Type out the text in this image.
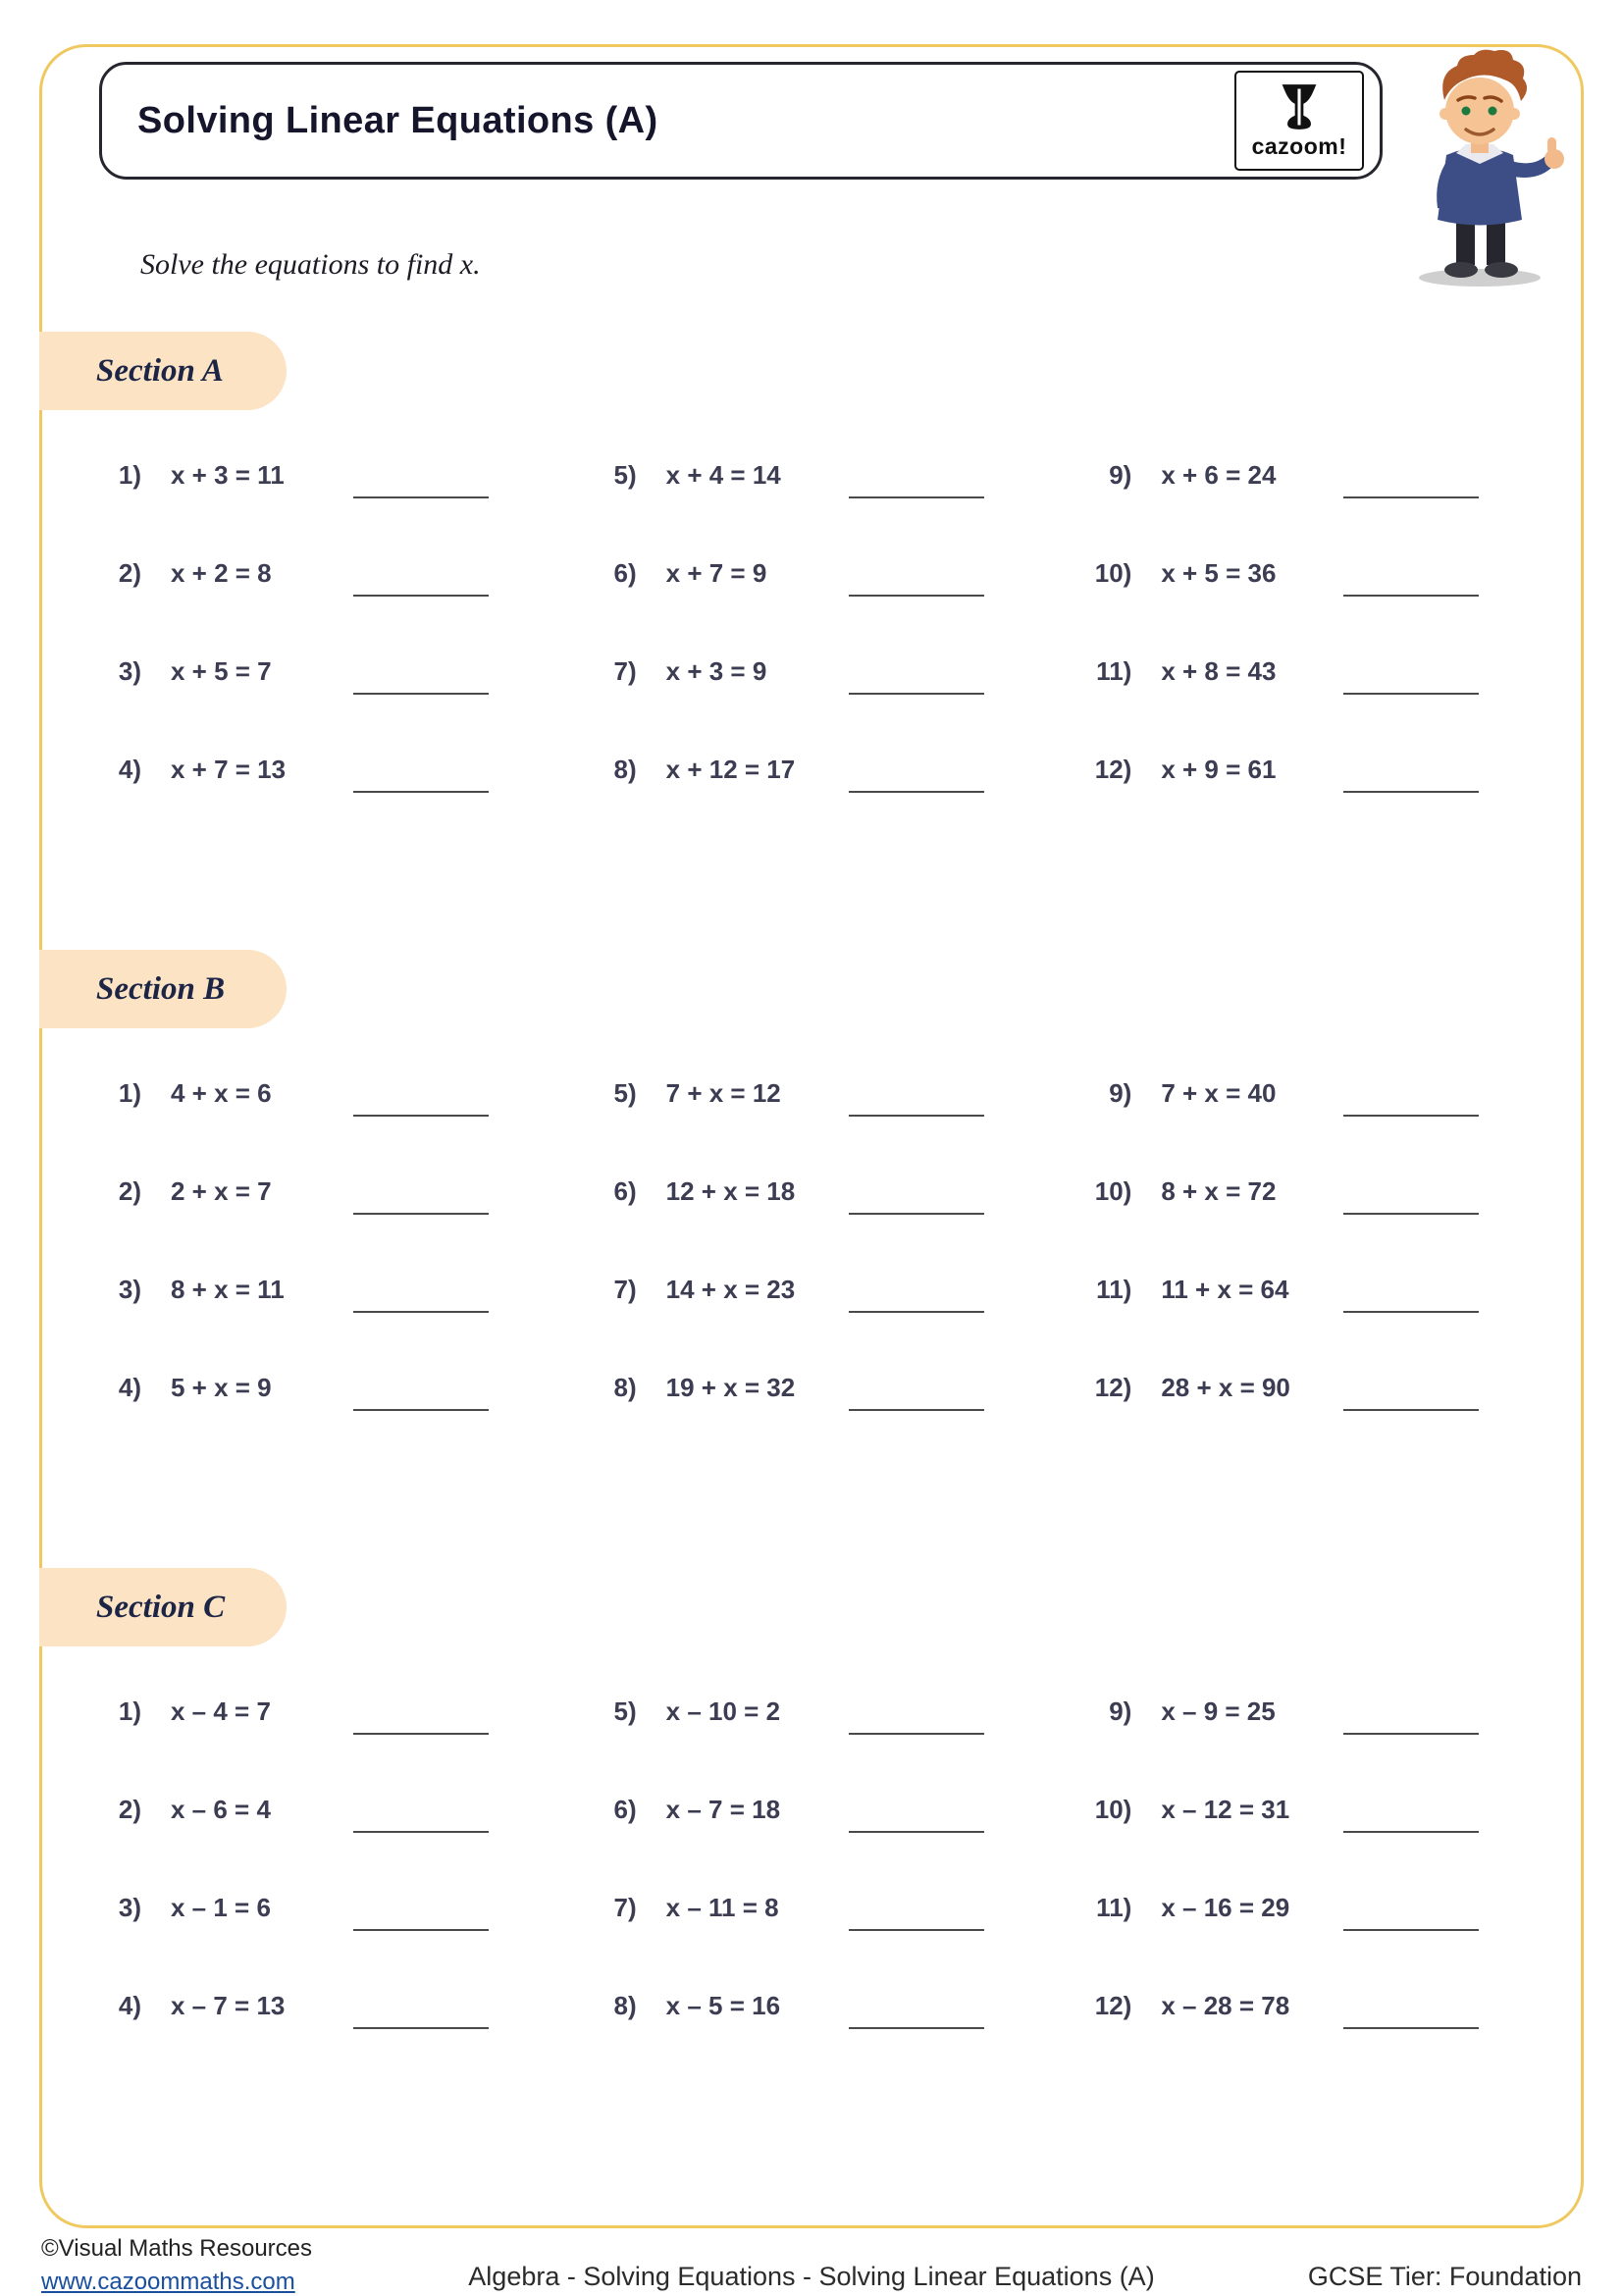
Solving Linear Equations (A)
cazoom!

Solve the equations to find x.

Section A
1) x + 3 = 11
2) x + 2 = 8
3) x + 5 = 7
4) x + 7 = 13
5) x + 4 = 14
6) x + 7 = 9
7) x + 3 = 9
8) x + 12 = 17
9) x + 6 = 24
10) x + 5 = 36
11) x + 8 = 43
12) x + 9 = 61
Section B
1) 4 + x = 6
2) 2 + x = 7
3) 8 + x = 11
4) 5 + x = 9
5) 7 + x = 12
6) 12 + x = 18
7) 14 + x = 23
8) 19 + x = 32
9) 7 + x = 40
10) 8 + x = 72
11) 11 + x = 64
12) 28 + x = 90
Section C
1) x – 4 = 7
2) x – 6 = 4
3) x – 1 = 6
4) x – 7 = 13
5) x – 10 = 2
6) x – 7 = 18
7) x – 11 = 8
8) x – 5 = 16
9) x – 9 = 25
10) x – 12 = 31
11) x – 16 = 29
12) x – 28 = 78
©Visual Maths Resources
www.cazoommaths.com	Algebra - Solving Equations - Solving Linear Equations (A)	GCSE Tier: Foundation
